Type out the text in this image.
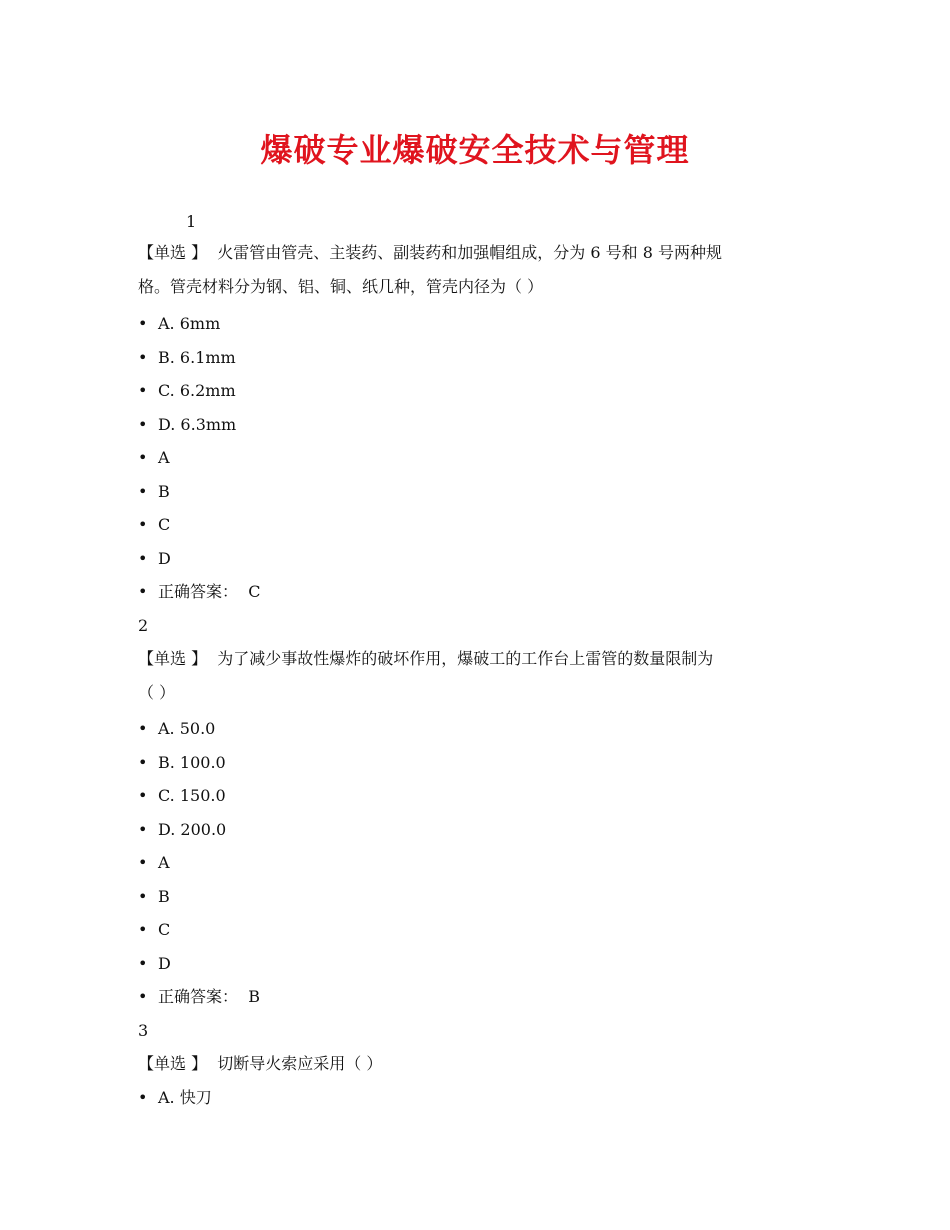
爆破专业爆破安全技术与管理
1
【单选 】 火雷管由管壳、主装药、副装药和加强帽组成，分为 6 号和 8 号两种规
格。管壳材料分为钢、铝、铜、纸几种，管壳内径为（ ）
• A. 6mm
• B. 6.1mm
• C. 6.2mm
• D. 6.3mm
• A
• B
• C
• D
• 正确答案： C
2
【单选 】 为了减少事故性爆炸的破坏作用，爆破工的工作台上雷管的数量限制为
（ ）
• A. 50.0
• B. 100.0
• C. 150.0
• D. 200.0
• A
• B
• C
• D
• 正确答案： B
3
【单选 】 切断导火索应采用（ ）
• A. 快刀
